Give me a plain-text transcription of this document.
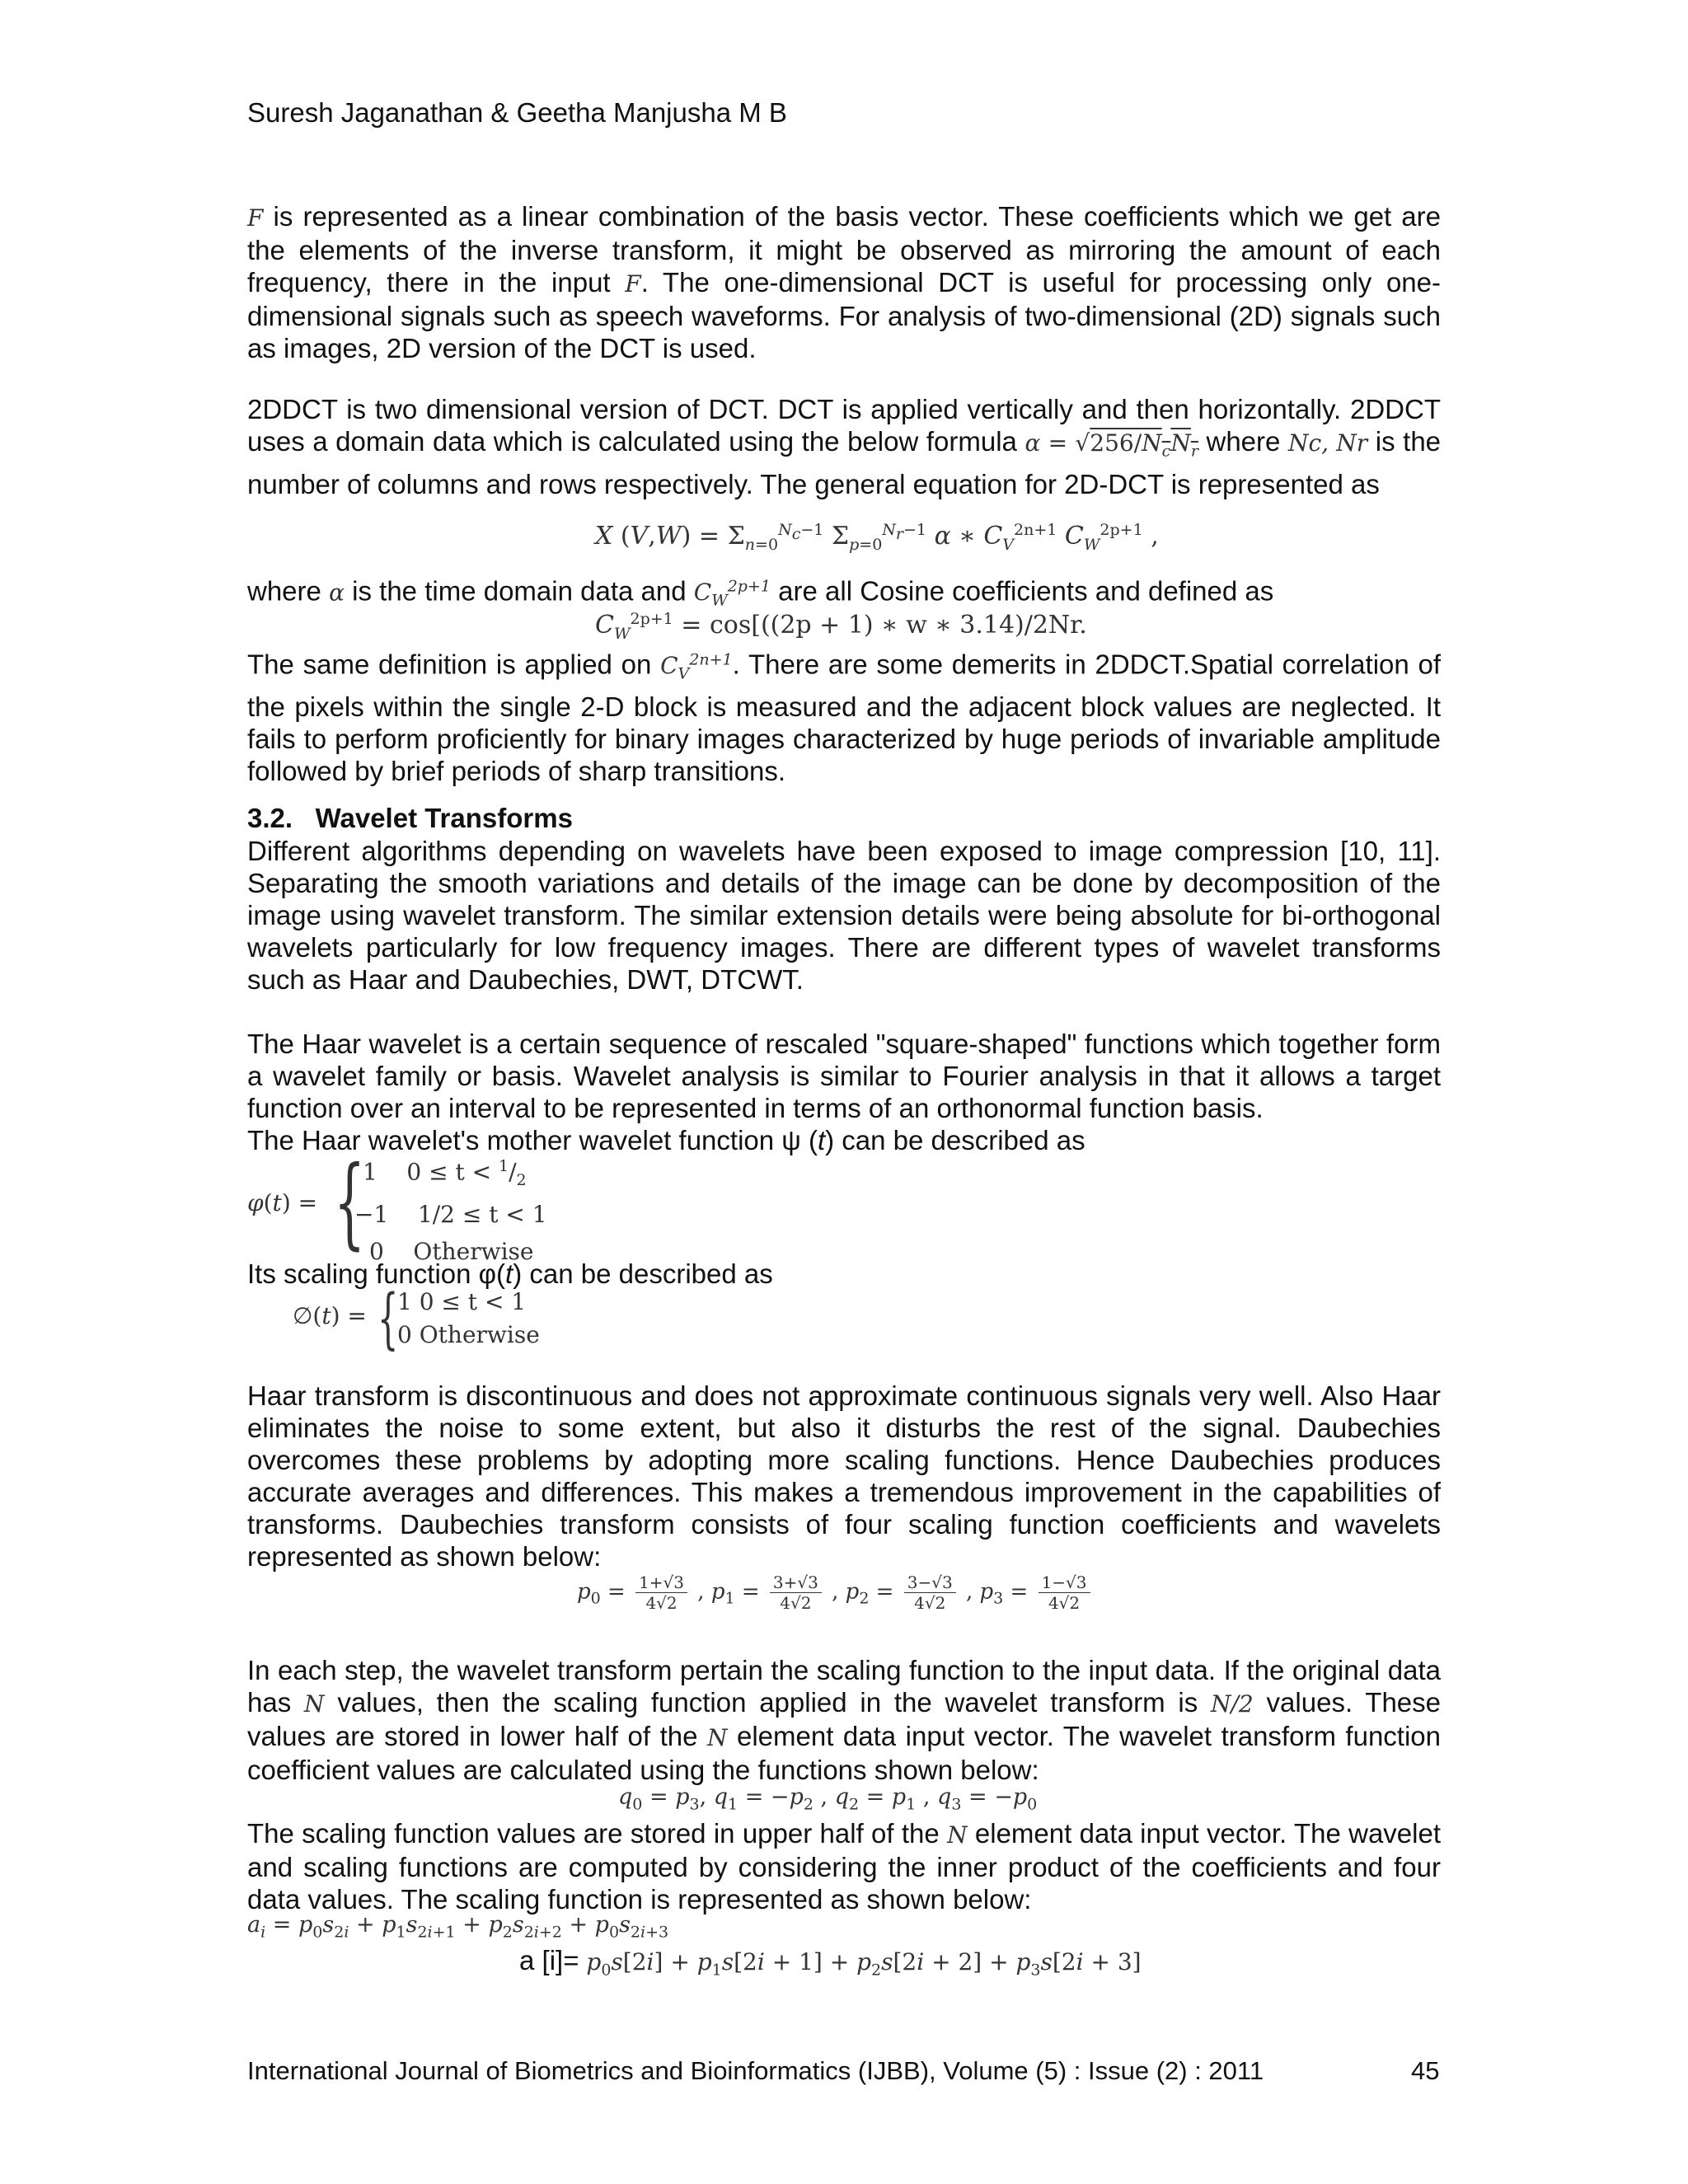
Suresh Jaganathan & Geetha Manjusha M B

F is represented as a linear combination of the basis vector. These coefficients which we get are the elements of the inverse transform, it might be observed as mirroring the amount of each frequency, there in the input F. The one-dimensional DCT is useful for processing only one-dimensional signals such as speech waveforms. For analysis of two-dimensional (2D) signals such as images, 2D version of the DCT is used.

2DDCT is two dimensional version of DCT. DCT is applied vertically and then horizontally. 2DDCT uses a domain data which is calculated using the below formula $\alpha = √256/N_cN_r$ where Nc, Nr is the number of columns and rows respectively. The general equation for 2D-DCT is represented as

X $(V,W) = \Sigma_{n=0}^{N_c-1}$ $\Sigma_{p=0}^{N_r-1}$ α ∗ $C_V^{2n+1}$ $C_W^{2p+1}$ ,

where α is the time domain data and $C_W^{2p+1}$ are all Cosine coefficients and defined as

$C_W^{2p+1} = \cos[((2p + 1)$ ∗ w ∗ 3.14)/2Nr.

The same definition is applied on $C_V^{2n+1}$. There are some demerits in 2DDCT.Spatial correlation of the pixels within the single 2-D block is measured and the adjacent block values are neglected. It fails to perform proficiently for binary images characterized by huge periods of invariable amplitude followed by brief periods of sharp transitions.

3.2. Wavelet Transforms

Different algorithms depending on wavelets have been exposed to image compression [10, 11]. Separating the smooth variations and details of the image can be done by decomposition of the image using wavelet transform. The similar extension details were being absolute for bi-orthogonal wavelets particularly for low frequency images. There are different types of wavelet transforms such as Haar and Daubechies, DWT, DTCWT.

The Haar wavelet is a certain sequence of rescaled "square-shaped" functions which together form a wavelet family or basis. Wavelet analysis is similar to Fourier analysis in that it allows a target function over an interval to be represented in terms of an orthonormal function basis.

The Haar wavelet's mother wavelet function ψ (t) can be described as

φ(t) = {
1    $0 \le t < ^1/_2$
−1    1/2 ≤ t < 1
0    Otherwise

Its scaling function φ(t) can be described as

∅(t) = {
1 0 ≤ t < 1
0 Otherwise

Haar transform is discontinuous and does not approximate continuous signals very well. Also Haar eliminates the noise to some extent, but also it disturbs the rest of the signal. Daubechies overcomes these problems by adopting more scaling functions. Hence Daubechies produces accurate averages and differences. This makes a tremendous improvement in the capabilities of transforms. Daubechies transform consists of four scaling function coefficients and wavelets represented as shown below:

$p_0 = \frac{1+√3}{4√2}$ , $p_1 = \frac{3+√3}{4√2}$ , $p_2 = \frac{3-√3}{4√2}$ , $p_3 = \frac{1-√3}{4√2}$

In each step, the wavelet transform pertain the scaling function to the input data. If the original data has N values, then the scaling function applied in the wavelet transform is N/2 values. These values are stored in lower half of the N element data input vector. The wavelet transform function coefficient values are calculated using the functions shown below:

$q_0 = p_3$, $q_1 = -p_2$ , $q_2 = p_1$ , $q_3 = -p_0$

The scaling function values are stored in upper half of the N element data input vector. The wavelet and scaling functions are computed by considering the inner product of the coefficients and four data values. The scaling function is represented as shown below:

$a_i = p_0s_{2i} + p_1s_{2i+1} + p_2s_{2i+2} + p_0s_{2i+3}$
a $[i]= p_0s[2i] + p_1s[2i + 1] + p_2s[2i + 2] + p_3s[2i + 3]$
International Journal of Biometrics and Bioinformatics (IJBB), Volume (5) : Issue (2) : 2011	45
